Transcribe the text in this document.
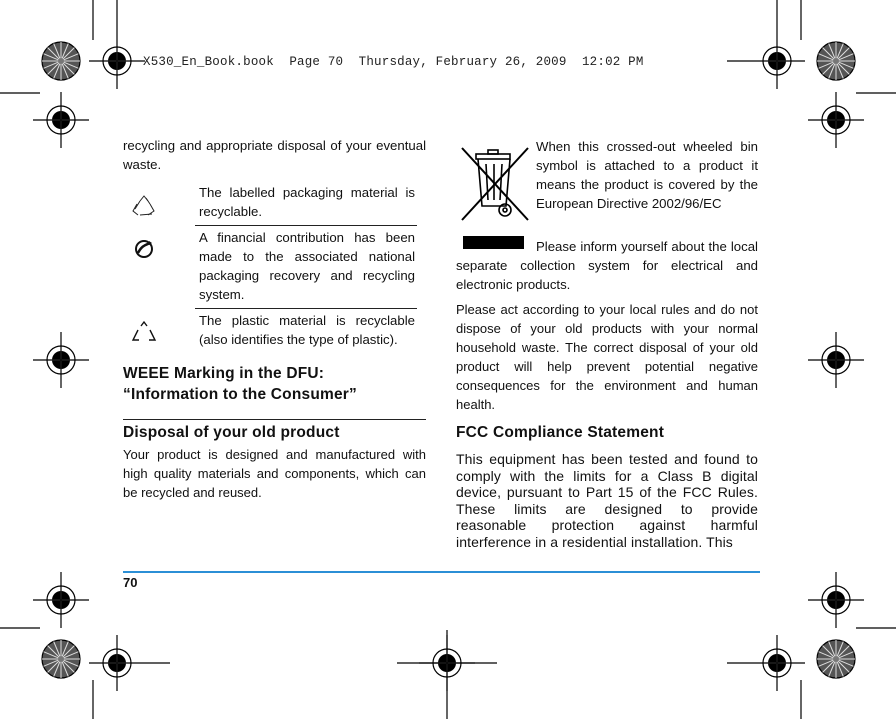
X530_En_Book.book  Page 70  Thursday, February 26, 2009  12:02 PM
recycling and appropriate disposal of your eventual waste.
The labelled packaging material is recyclable.
A financial contribution has been made to the associated national packaging recovery and recycling system.
The plastic material is recyclable (also identifies the type of plastic).
WEEE Marking in the DFU:
“Information to the Consumer”
Disposal of your old product
Your product is designed and manufactured with high quality materials and components, which can be recycled and reused.
When this crossed-out wheeled bin symbol is attached to a product it means the product is covered by the European Directive 2002/96/EC
Please inform yourself about the local separate collection system for electrical and electronic products.
Please act according to your local rules and do not dispose of your old products with your normal household waste. The correct disposal of your old product will help prevent potential negative consequences for the environment and human health.
FCC Compliance Statement
This equipment has been tested and found to comply with the limits for a Class B digital device, pursuant to Part 15 of the FCC Rules. These limits are designed to provide reasonable protection against harmful interference in a residential installation. This
70
